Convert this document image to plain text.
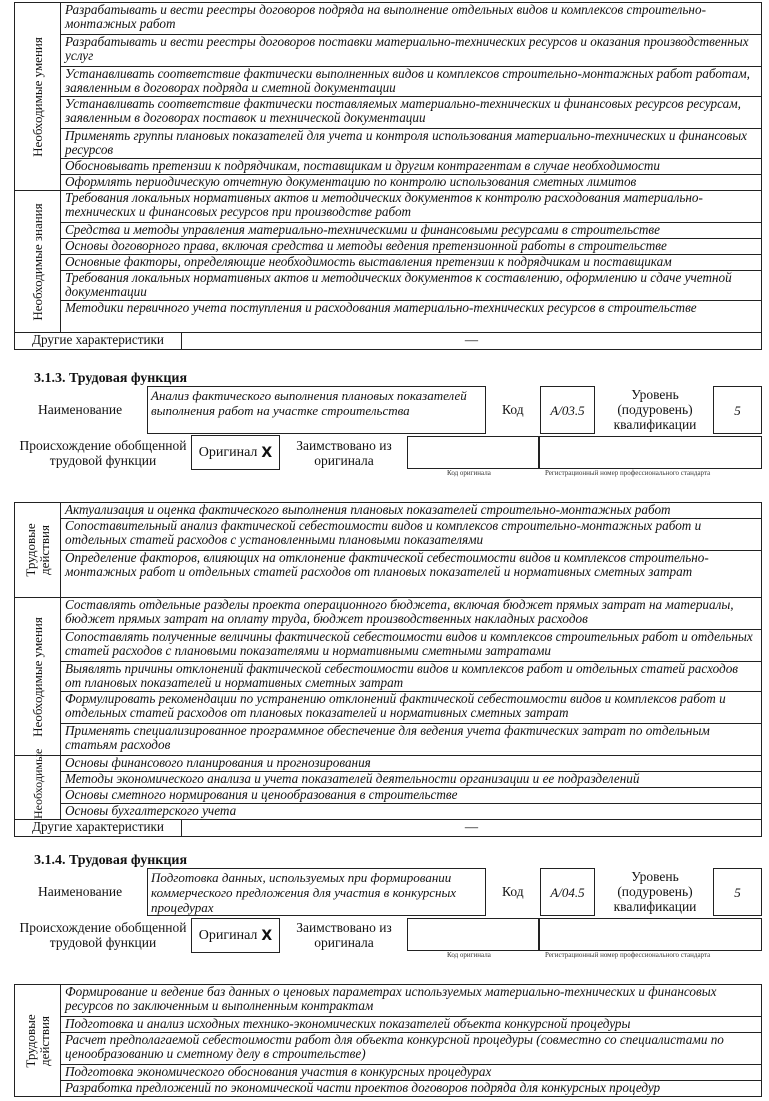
Необходимые умения	Разрабатывать и вести реестры договоров подряда на выполнение отдельных видов и комплексов строительно-монтажных работ	
	Разрабатывать и вести реестры договоров поставки материально-технических ресурсов и оказания производственных услуг	
	Устанавливать соответствие фактически выполненных видов и комплексов строительно-монтажных работ работам, заявленным в договорах подряда и сметной документации	
	Устанавливать соответствие фактически поставляемых материально-технических и финансовых ресурсов ресурсам, заявленным в договорах поставок и технической документации	
	Применять группы плановых показателей для учета и контроля использования материально-технических и финансовых ресурсов	
	Обосновывать претензии к подрядчикам, поставщикам и другим контрагентам в случае необходимости	
	Оформлять периодическую отчетную документацию по контролю использования сметных лимитов	

Необходимые знания	Требования локальных нормативных актов и методических документов к контролю расходования материально-технических и финансовых ресурсов при производстве работ	
	Средства и методы управления материально-техническими и финансовыми ресурсами в строительстве	
	Основы договорного права, включая средства и методы ведения претензионной работы в строительстве	
	Основные факторы, определяющие необходимость выставления претензии к подрядчикам и поставщикам	
	Требования локальных нормативных актов и методических документов к составлению, оформлению и сдаче учетной документации	
	Методики первичного учета поступления и расходования материально-технических ресурсов в строительстве	
Другие характеристики		—
3.1.3. Трудовая функция
Наименование
Анализ фактического выполнения плановых показателей выполнения работ на участке строительства	Код A/03.5
Уровень (подуровень) квалификации
5
Происхождение обобщенной трудовой функции
Оригинал X Заимствовано из оригинала
Код оригинала	Регистрационный номер профессионального стандарта
Трудовые действия	Актуализация и оценка фактического выполнения плановых показателей строительно-монтажных работ	
	Сопоставительный анализ фактической себестоимости видов и комплексов строительно-монтажных работ и отдельных статей расходов с установленными плановыми показателями	
	Определение факторов, влияющих на отклонение фактической себестоимости видов и комплексов строительно-монтажных работ и отдельных статей расходов от плановых показателей и нормативных сметных затрат	

Необходимые умения	Составлять отдельные разделы проекта операционного бюджета, включая бюджет прямых затрат на материалы, бюджет прямых затрат на оплату труда, бюджет производственных накладных расходов	
	Сопоставлять полученные величины фактической себестоимости видов и комплексов строительных работ и отдельных статей расходов с плановыми показателями и нормативными сметными затратами	
	Выявлять причины отклонений фактической себестоимости видов и комплексов работ и отдельных статей расходов от плановых показателей и нормативных сметных затрат	
	Формулировать рекомендации по устранению отклонений фактической себестоимости видов и комплексов работ и отдельных статей расходов от плановых показателей и нормативных сметных затрат	
	Применять специализированное программное обеспечение для ведения учета фактических затрат по отдельным статьям расходов	

Необходимые	Основы финансового планирования и прогнозирования	
	Методы экономического анализа и учета показателей деятельности организации и ее подразделений	
	Основы сметного нормирования и ценообразования в строительстве	
	Основы бухгалтерского учета	
Другие характеристики		—
3.1.4. Трудовая функция
Наименование
Подготовка данных, используемых при формировании коммерческого предложения для участия в конкурсных процедурах
Код A/04.5
Уровень (подуровень) квалификации
5
Происхождение обобщенной трудовой функции	Оригинал X Заимствовано из оригинала
Код оригинала	Регистрационный номер профессионального стандарта
Трудовые действия
	Формирование и ведение баз данных о ценовых параметрах используемых материально-технических и финансовых ресурсов по заключенным и выполненным контрактам
Подготовка и анализ исходных технико-экономических показателей объекта конкурсной процедуры
Расчет предполагаемой себестоимости работ для объекта конкурсной процедуры (совместно со специалистами по ценообразованию и сметному делу в строительстве)
Подготовка экономического обоснования участия в конкурсных процедурах
Разработка предложений по экономической части проектов договоров подряда для конкурсных процедур
